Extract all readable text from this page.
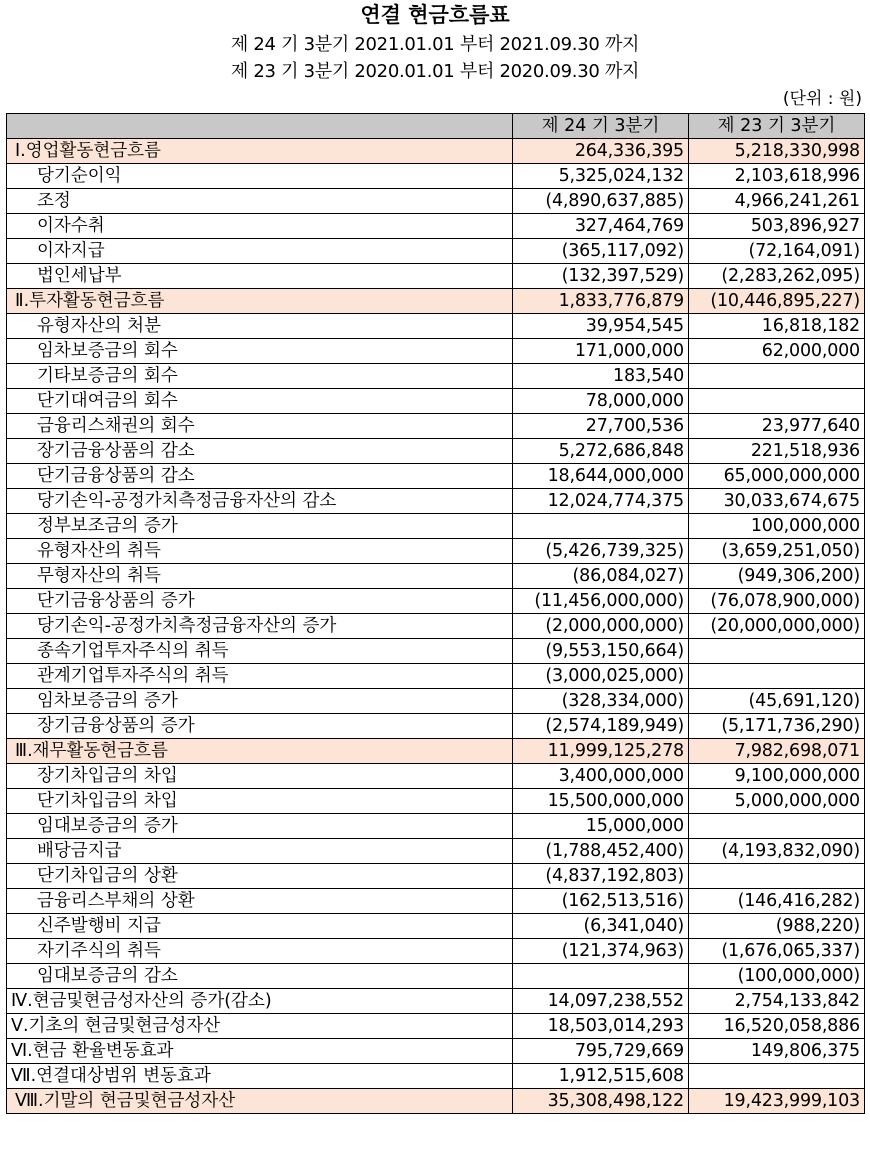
연결 현금흐름표
제 24 기 3분기 2021.01.01 부터 2021.09.30 까지
제 23 기 3분기 2020.01.01 부터 2020.09.30 까지
(단위 : 원)
	제 24 기 3분기	제 23 기 3분기
Ⅰ.영업활동현금흐름	264,336,395	5,218,330,998
당기순이익	5,325,024,132	2,103,618,996
조정	(4,890,637,885)	4,966,241,261
이자수취	327,464,769	503,896,927
이자지급	(365,117,092)	(72,164,091)
법인세납부	(132,397,529)	(2,283,262,095)
Ⅱ.투자활동현금흐름	1,833,776,879	(10,446,895,227)
유형자산의 처분	39,954,545	16,818,182
임차보증금의 회수	171,000,000	62,000,000
기타보증금의 회수	183,540	
단기대여금의 회수	78,000,000	
금융리스채권의 회수	27,700,536	23,977,640
장기금융상품의 감소	5,272,686,848	221,518,936
단기금융상품의 감소	18,644,000,000	65,000,000,000
당기손익-공정가치측정금융자산의 감소	12,024,774,375	30,033,674,675
정부보조금의 증가		100,000,000
유형자산의 취득	(5,426,739,325)	(3,659,251,050)
무형자산의 취득	(86,084,027)	(949,306,200)
단기금융상품의 증가	(11,456,000,000)	(76,078,900,000)
당기손익-공정가치측정금융자산의 증가	(2,000,000,000)	(20,000,000,000)
종속기업투자주식의 취득	(9,553,150,664)	
관계기업투자주식의 취득	(3,000,025,000)	
임차보증금의 증가	(328,334,000)	(45,691,120)
장기금융상품의 증가	(2,574,189,949)	(5,171,736,290)
Ⅲ.재무활동현금흐름	11,999,125,278	7,982,698,071
장기차입금의 차입	3,400,000,000	9,100,000,000
단기차입금의 차입	15,500,000,000	5,000,000,000
임대보증금의 증가	15,000,000	
배당금지급	(1,788,452,400)	(4,193,832,090)
단기차입금의 상환	(4,837,192,803)	
금융리스부채의 상환	(162,513,516)	(146,416,282)
신주발행비 지급	(6,341,040)	(988,220)
자기주식의 취득	(121,374,963)	(1,676,065,337)
임대보증금의 감소		(100,000,000)
Ⅳ.현금및현금성자산의 증가(감소)	14,097,238,552	2,754,133,842
Ⅴ.기초의 현금및현금성자산	18,503,014,293	16,520,058,886
Ⅵ.현금 환율변동효과	795,729,669	149,806,375
Ⅶ.연결대상범위 변동효과	1,912,515,608	
Ⅷ.기말의 현금및현금성자산	35,308,498,122	19,423,999,103
